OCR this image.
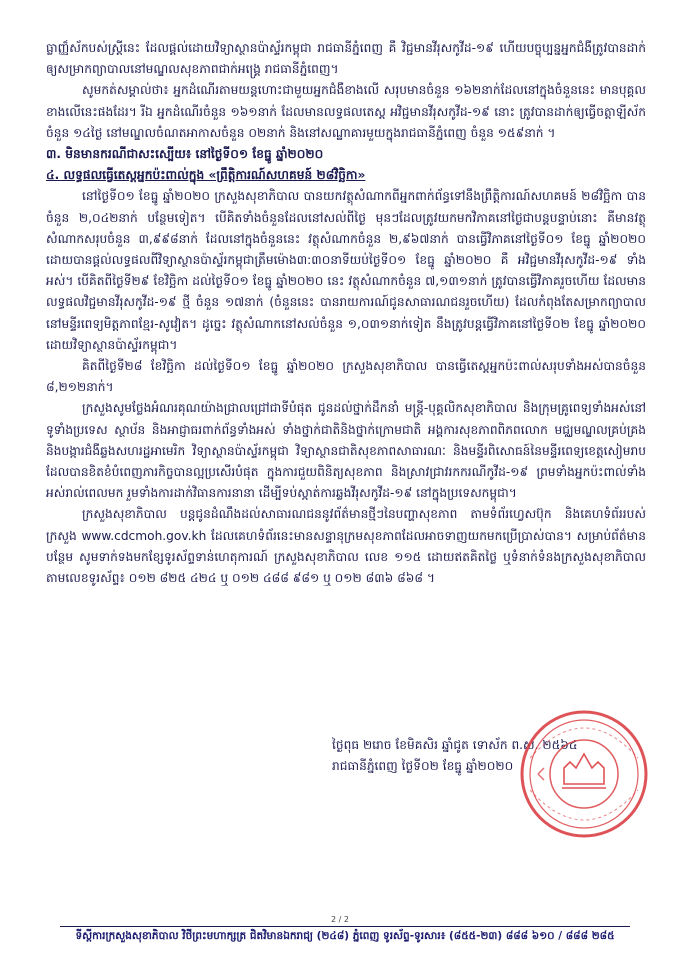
ធ្លាញ្ញ៏ស័កបស់ស្ត្រីនេះ ដែលផ្តល់ដោយវិទ្យាស្ថានប៉ាស្ទ័រកម្ពុជា រាជធានីភ្នំពេញ គឺ វិជ្ជមានវីរុសកូវីដ-១៩ ហើយបច្ចុប្បន្នអ្នកជំងឺត្រូវបានដាក់ឲ្យសម្រាកព្យាបាលនៅមណ្ឌលសុខភាពជាក់អង្គ្រេ រាជធានីភ្នំពេញ។

សូមកត់សម្គាល់ថា៖ អ្នកដំណើរតាមយន្តហោះជាមួយអ្នកជំងឺខាងលើ សរុបមានចំនួន ១៦២នាក់ដែលនៅក្នុងចំនួននេះ មានបុគ្គលខាងលើនេះផងដែរ។ រីឯ អ្នកដំណើរចំនួន ១៦១នាក់ ដែលមានលទ្ធផលតេស្ត អវិជ្ជមានវីរុសកូវីដ-១៩ នោះ ត្រូវបានដាក់ឲ្យធ្វើចត្តាឡីស័កចំនួន ១៤ថ្ងៃ នៅមណ្ឌលចំណតអាកាសចំនួន ០២នាក់ និងនៅសណ្ឋាគារមួយក្នុងរាជធានីភ្នំពេញ ចំនួន ១៥៩នាក់ ។

៣. មិនមានករណីជាសះស្បើយ៖ នៅថ្ងៃទី០១ ខែធ្នូ ឆ្នាំ២០២០

៤. លទ្ធផលធ្វើតេស្តអ្នកប៉ះពាល់ក្នុង «ព្រឹត្តិការណ៍សហគមន៍ ២៨វិច្ឆិកា»

នៅថ្ងៃទី០១ ខែធ្នូ ឆ្នាំ២០២០ ក្រសួងសុខាភិបាល បានយកវត្ថុសំណាកពីអ្នកពាក់ព័ន្ធទៅនឹងព្រឹត្តិការណ៍សហគមន៍ ២៨វិច្ឆិកា បានចំនួន ២,០៤២នាក់ បន្ថែមទៀត។ បើគិតទាំងចំនួនដែលនៅសល់ពីថ្ងៃ មុនៗដែលត្រូវយកមកវិភាគនៅថ្ងៃជាបន្តបន្ទាប់នោះ គឺមានវត្ថុសំណាកសរុបចំនួន ៣,៩៩៨នាក់ ដែលនៅក្នុងចំនួននេះ វត្ថុសំណាកចំនួន ២,៩៦៧នាក់ បានធ្វើវិភាគនៅថ្ងៃទី០១ ខែធ្នូ ឆ្នាំ២០២០ ដោយបានផ្តល់លទ្ធផលពីវិទ្យាស្ថានប៉ាស្ទ័រកម្ពុជាត្រឹមម៉ោង៣:៣០នាទីយប់ថ្ងៃទី០១ ខែធ្នូ ឆ្នាំ២០២០ គឺ អវិជ្ជមានវីរុសកូវីដ-១៩ ទាំងអស់។ បើគិតពីថ្ងៃទី២៩ ខែវិច្ឆិកា ដល់ថ្ងៃទី០១ ខែធ្នូ ឆ្នាំ២០២០ នេះ វត្ថុសំណាកចំនួន ៧,១៣១នាក់ ត្រូវបានធ្វើវិភាគរួចហើយ ដែលមានលទ្ធផលវិជ្ជមានវីរុសកូវីដ-១៩ ថ្មី ចំនួន ១៧នាក់ (ចំនួននេះ បានរាយការណ៍ជូនសាធារណជនរួចហើយ) ដែលកំពុងតែសម្រាកព្យាបាលនៅមន្ទីរពេទ្យមិត្តភាពខ្មែរ-សូវៀត។ ដូច្នេះ វត្ថុសំណាកនៅសល់ចំនួន ១,០៣១នាក់ទៀត នឹងត្រូវបន្តធ្វើវិភាគនៅថ្ងៃទី០២ ខែធ្នូ ឆ្នាំ២០២០ ដោយវិទ្យាស្ថានប៉ាស្ទ័រកម្ពុជា។

គិតពីថ្ងៃទី២៨ ខែវិច្ឆិកា ដល់ថ្ងៃទី០១ ខែធ្នូ ឆ្នាំ២០២០ ក្រសួងសុខាភិបាល បានធ្វើតេស្តអ្នកប៉ះពាល់សរុបទាំងអស់បានចំនួន ៨,២១២នាក់។

ក្រសួងសូមថ្លែងអំណរគុណយ៉ាងជ្រាលជ្រៅជាទីបំផុត ជូនដល់ថ្នាក់ដឹកនាំ មន្ត្រី-បុគ្គលិកសុខាភិបាល និងក្រុមគ្រូពេទ្យទាំងអស់នៅទូទាំងប្រទេស ស្ថាប័ន និងអាជ្ញាធរពាក់ព័ន្ធទាំងអស់ ទាំងថ្នាក់ជាតិនិងថ្នាក់ក្រោមជាតិ អង្គការសុខភាពពិភពលោក មជ្ឈមណ្ឌលគ្រប់គ្រង និងបង្ការជំងឺឆ្លងសហរដ្ឋអាមេរិក វិទ្យាស្ថានប៉ាស្ទ័រកម្ពុជា វិទ្យាស្ថានជាតិសុខភាពសាធារណៈ និងមន្ទីរពិសោធន៍នៃមន្ទីរពេទ្យខេត្តសៀមរាប ដែលបានខិតខំបំពេញភារកិច្ចបានល្អប្រសើរបំផុត ក្នុងការជួយពិនិត្យសុខភាព និងស្រាវជ្រាវរកករណីកូវីដ-១៩ ព្រមទាំងអ្នកប៉ះពាល់ទាំងអស់រាល់ពេលមក រួមទាំងការដាក់វិធានការនានា ដើម្បីទប់ស្កាត់ការឆ្លងវីរុសកូវីដ-១៩ នៅក្នុងប្រទេសកម្ពុជា។

ក្រសួងសុខាភិបាល បន្តជូនដំណឹងដល់សាធារណជននូវព័ត៌មានថ្មីៗនៃបញ្ហាសុខភាព តាមទំព័រហ្វេសប៊ុក និងគេហទំព័ររបស់ក្រសួង www.cdcmoh.gov.kh ដែលគេហទំព័រនេះមានសន្ទានុក្រមសុខភាពដែលអាចទាញយកមកប្រើប្រាស់បាន។ សម្រាប់ព័ត៌មានបន្ថែម សូមទាក់ទងមកខ្សែទូរស័ព្ទទាន់ហេតុការណ៍ ក្រសួងសុខាភិបាល លេខ ១១៥ ដោយឥតគិតថ្លៃ ឬទំនាក់ទំនងក្រសួងសុខាភិបាល តាមលេខទូរស័ព្ទ៖ ០១២ ៨២៥ ៤២៤ ឬ ០១២ ៤៨៨ ៩៨១ ឬ ០១២ ៨៣៦ ៨៦៨ ។

ថ្ងៃពុធ ២រោច ខែមិគសិរ ឆ្នាំជូត ទោស័ក ព.ស. ២៥៦៤
រាជធានីភ្នំពេញ ថ្ងៃទី០២ ខែធ្នូ ឆ្នាំ២០២០
2 / 2
ទីស្តីការក្រសួងសុខាភិបាល វិថីព្រះមហាក្សត្រ ជិតវិមានឯករាជ្យ (២៤៨) ភ្នំពេញ ទូរស័ព្ទ-ទូរសារ៖ (៨៥៥-២៣) ៨៨៨ ៦១០ / ៨៨៨ ២៨៥
